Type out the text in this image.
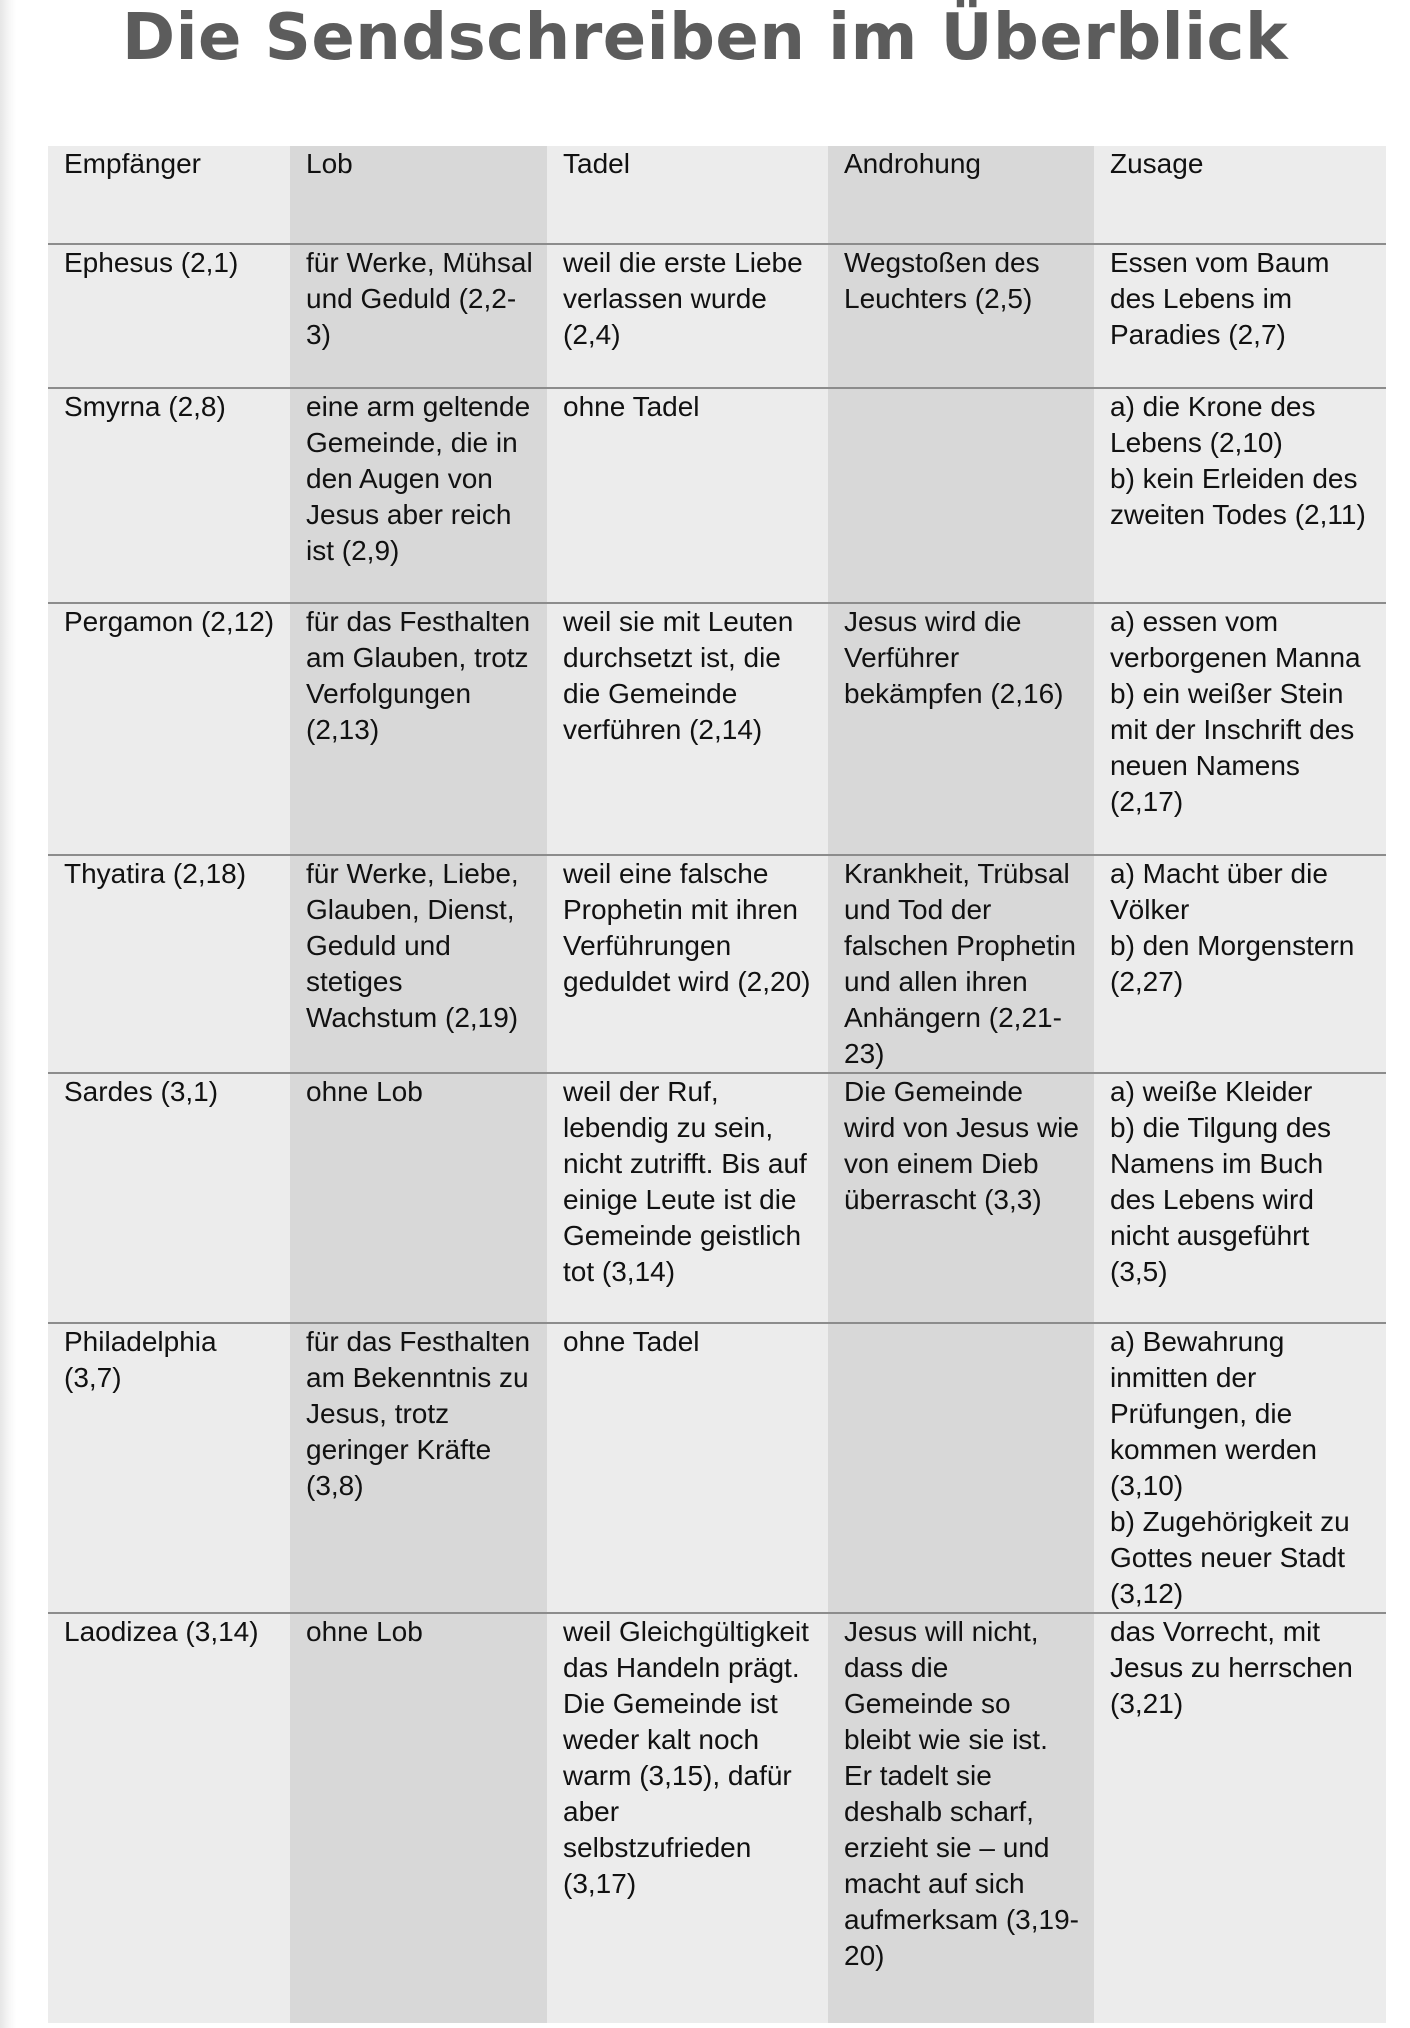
Die Sendschreiben im Überblick
Empfänger	Lob	Tadel	Androhung	Zusage
Ephesus (2,1)	für Werke, Mühsal und Geduld (2,2-3)	weil die erste Liebe verlassen wurde (2,4)	Wegstoßen des Leuchters (2,5)	Essen vom Baum des Lebens im Paradies (2,7)
Smyrna (2,8)	eine arm geltende Gemeinde, die in den Augen von Jesus aber reich ist (2,9)	ohne Tadel		a) die Krone des Lebens (2,10)
b) kein Erleiden des zweiten Todes (2,11)
Pergamon (2,12)	für das Festhalten am Glauben, trotz Verfolgungen (2,13)	weil sie mit Leuten durchsetzt ist, die die Gemeinde verführen (2,14)	Jesus wird die Verführer bekämpfen (2,16)	a) essen vom verborgenen Manna
b) ein weißer Stein mit der Inschrift des neuen Namens (2,17)
Thyatira (2,18)	für Werke, Liebe, Glauben, Dienst, Geduld und stetiges Wachstum (2,19)	weil eine falsche Prophetin mit ihren Verführungen geduldet wird (2,20)	Krankheit, Trübsal und Tod der falschen Prophetin und allen ihren Anhängern (2,21-23)	a) Macht über die Völker
b) den Morgenstern (2,27)
Sardes (3,1)	ohne Lob	weil der Ruf, lebendig zu sein, nicht zutrifft. Bis auf einige Leute ist die Gemeinde geistlich tot (3,14)	Die Gemeinde wird von Jesus wie von einem Dieb überrascht (3,3)	a) weiße Kleider
b) die Tilgung des Namens im Buch des Lebens wird nicht ausgeführt (3,5)
Philadelphia (3,7)	für das Festhalten am Bekenntnis zu Jesus, trotz geringer Kräfte (3,8)	ohne Tadel		a) Bewahrung inmitten der Prüfungen, die kommen werden (3,10)
b) Zugehörigkeit zu Gottes neuer Stadt (3,12)
Laodizea (3,14)	ohne Lob	weil Gleichgültigkeit das Handeln prägt. Die Gemeinde ist weder kalt noch warm (3,15), dafür aber selbstzufrieden (3,17)	Jesus will nicht, dass die Gemeinde so bleibt wie sie ist. Er tadelt sie deshalb scharf, erzieht sie – und macht auf sich aufmerksam (3,19-20)	das Vorrecht, mit Jesus zu herrschen (3,21)
